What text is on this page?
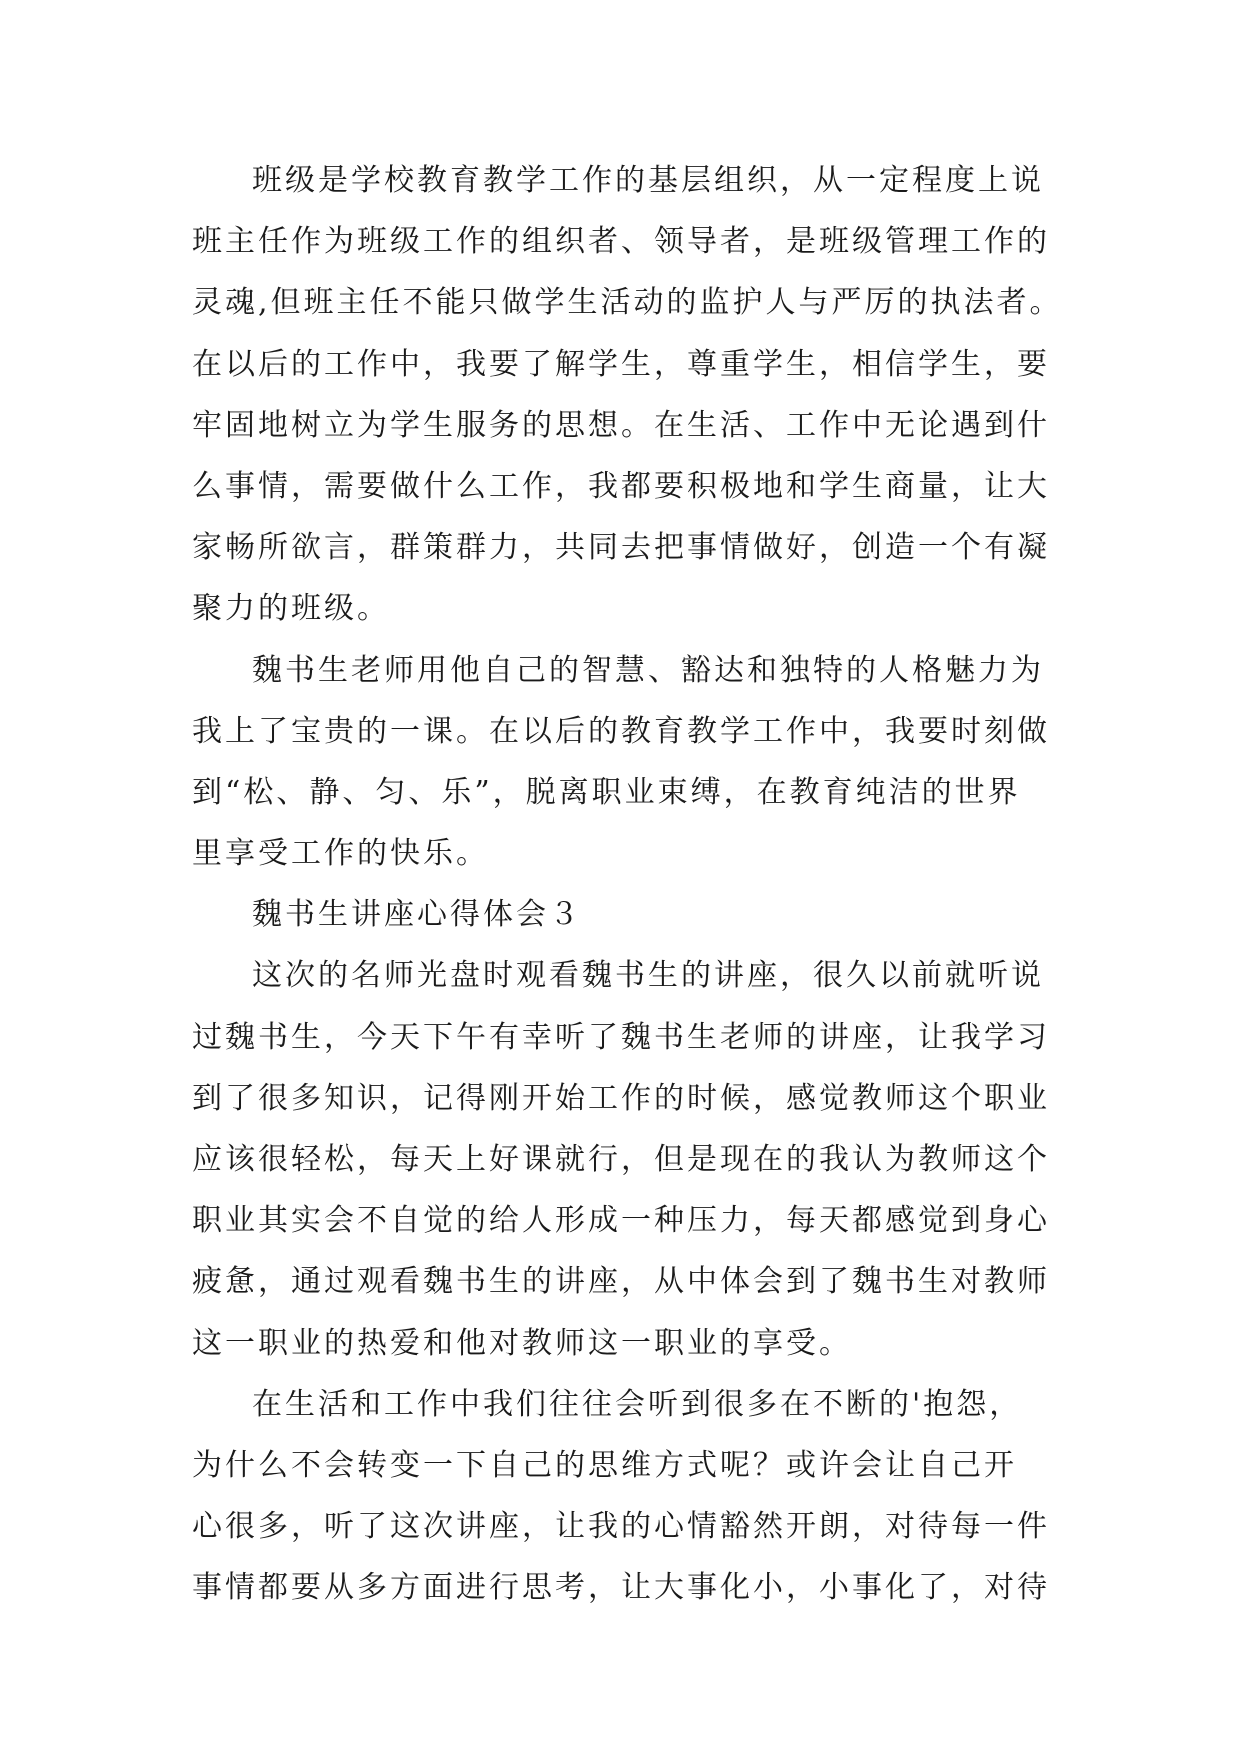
班级是学校教育教学工作的基层组织，从一定程度上说
班主任作为班级工作的组织者、领导者，是班级管理工作的
灵魂,但班主任不能只做学生活动的监护人与严厉的执法者。
在以后的工作中，我要了解学生，尊重学生，相信学生，要
牢固地树立为学生服务的思想。在生活、工作中无论遇到什
么事情，需要做什么工作，我都要积极地和学生商量，让大
家畅所欲言，群策群力，共同去把事情做好，创造一个有凝
聚力的班级。
魏书生老师用他自己的智慧、豁达和独特的人格魅力为
我上了宝贵的一课。在以后的教育教学工作中，我要时刻做
到“松、静、匀、乐”，脱离职业束缚，在教育纯洁的世界
里享受工作的快乐。
魏书生讲座心得体会３
这次的名师光盘时观看魏书生的讲座，很久以前就听说
过魏书生，今天下午有幸听了魏书生老师的讲座，让我学习
到了很多知识，记得刚开始工作的时候，感觉教师这个职业
应该很轻松，每天上好课就行，但是现在的我认为教师这个
职业其实会不自觉的给人形成一种压力，每天都感觉到身心
疲惫，通过观看魏书生的讲座，从中体会到了魏书生对教师
这一职业的热爱和他对教师这一职业的享受。
在生活和工作中我们往往会听到很多在不断的'抱怨，
为什么不会转变一下自己的思维方式呢？或许会让自己开
心很多，听了这次讲座，让我的心情豁然开朗，对待每一件
事情都要从多方面进行思考，让大事化小，小事化了，对待
